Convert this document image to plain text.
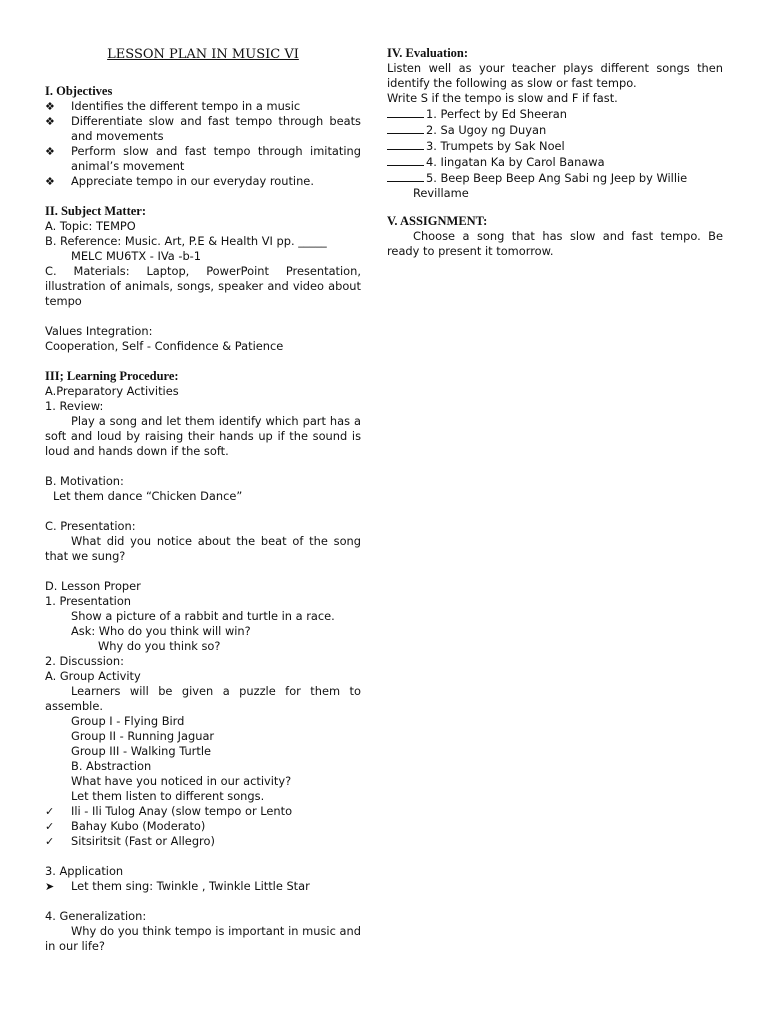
LESSON PLAN IN MUSIC VI
I. Objectives
❖	Identifies the different tempo in a music
❖	Differentiate slow and fast tempo through beats and movements
❖	Perform slow and fast tempo through imitating animal’s movement
❖	Appreciate tempo in our everyday routine.
II. Subject Matter:

A. Topic: TEMPO

B. Reference: Music. Art, P.E & Health VI pp. _____

MELC MU6TX - IVa -b-1

C. Materials: Laptop, PowerPoint Presentation, illustration of animals, songs, speaker and video about tempo

Values Integration:

Cooperation, Self - Confidence & Patience

III; Learning Procedure:

A.Preparatory Activities

1. Review:

Play a song and let them identify which part has a soft and loud by raising their hands up if the sound is loud and hands down if the soft.

B. Motivation:

Let them dance “Chicken Dance”

C. Presentation:

What did you notice about the beat of the song that we sung?

D. Lesson Proper

1. Presentation

Show a picture of a rabbit and turtle in a race.

Ask: Who do you think will win?

Why do you think so?

2. Discussion:

A. Group Activity

Learners will be given a puzzle for them to assemble.

Group I - Flying Bird

Group II - Running Jaguar

Group III - Walking Turtle

B. Abstraction

What have you noticed in our activity?

Let them listen to different songs.

✓	Ili - Ili Tulog Anay (slow tempo or Lento
✓	Bahay Kubo (Moderato)
✓	Sitsiritsit (Fast or Allegro)

3. Application

➤	Let them sing: Twinkle , Twinkle Little Star

4. Generalization:

Why do you think tempo is important in music and in our life?

IV. Evaluation:

Listen well as your teacher plays different songs then identify the following as slow or fast tempo.

Write S if the tempo is slow and F if fast.

1. Perfect by Ed Sheeran
2. Sa Ugoy ng Duyan
3. Trumpets by Sak Noel
4. Iingatan Ka by Carol Banawa
5. Beep Beep Beep Ang Sabi ng Jeep by Willie Revillame
V. ASSIGNMENT:

Choose a song that has slow and fast tempo. Be ready to present it tomorrow.
